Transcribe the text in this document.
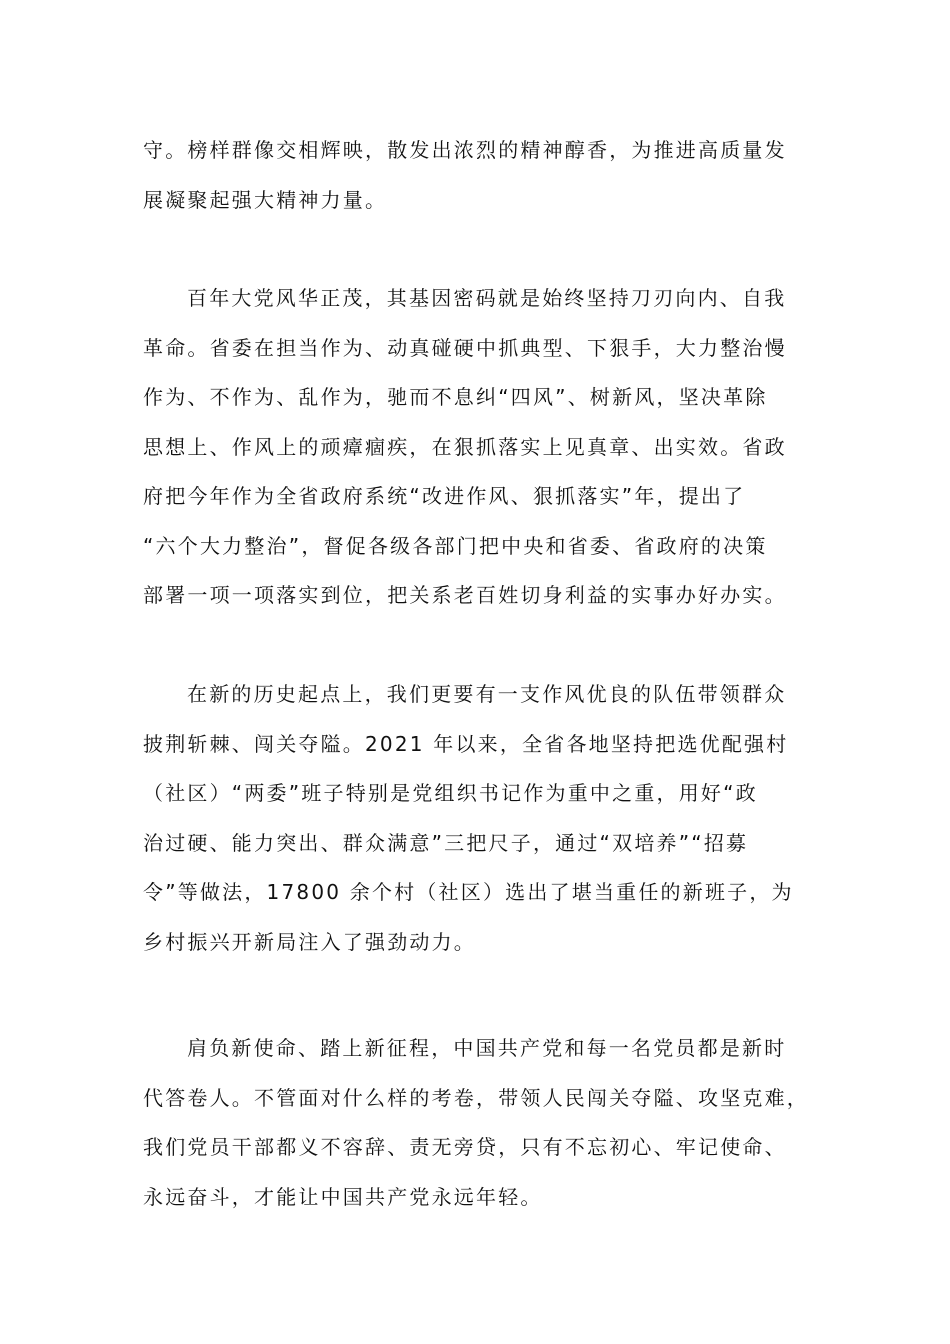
守。榜样群像交相辉映，散发出浓烈的精神醇香，为推进高质量发
展凝聚起强大精神力量。
百年大党风华正茂，其基因密码就是始终坚持刀刃向内、自我
革命。省委在担当作为、动真碰硬中抓典型、下狠手，大力整治慢
作为、不作为、乱作为，驰而不息纠“四风”、树新风，坚决革除
思想上、作风上的顽瘴痼疾，在狠抓落实上见真章、出实效。省政
府把今年作为全省政府系统“改进作风、狠抓落实”年，提出了
“六个大力整治”，督促各级各部门把中央和省委、省政府的决策
部署一项一项落实到位，把关系老百姓切身利益的实事办好办实。
在新的历史起点上，我们更要有一支作风优良的队伍带领群众
披荆斩棘、闯关夺隘。2021 年以来，全省各地坚持把选优配强村
（社区）“两委”班子特别是党组织书记作为重中之重，用好“政
治过硬、能力突出、群众满意”三把尺子，通过“双培养”“招募
令”等做法，17800 余个村（社区）选出了堪当重任的新班子，为
乡村振兴开新局注入了强劲动力。
肩负新使命、踏上新征程，中国共产党和每一名党员都是新时
代答卷人。不管面对什么样的考卷，带领人民闯关夺隘、攻坚克难，
我们党员干部都义不容辞、责无旁贷，只有不忘初心、牢记使命、
永远奋斗，才能让中国共产党永远年轻。
